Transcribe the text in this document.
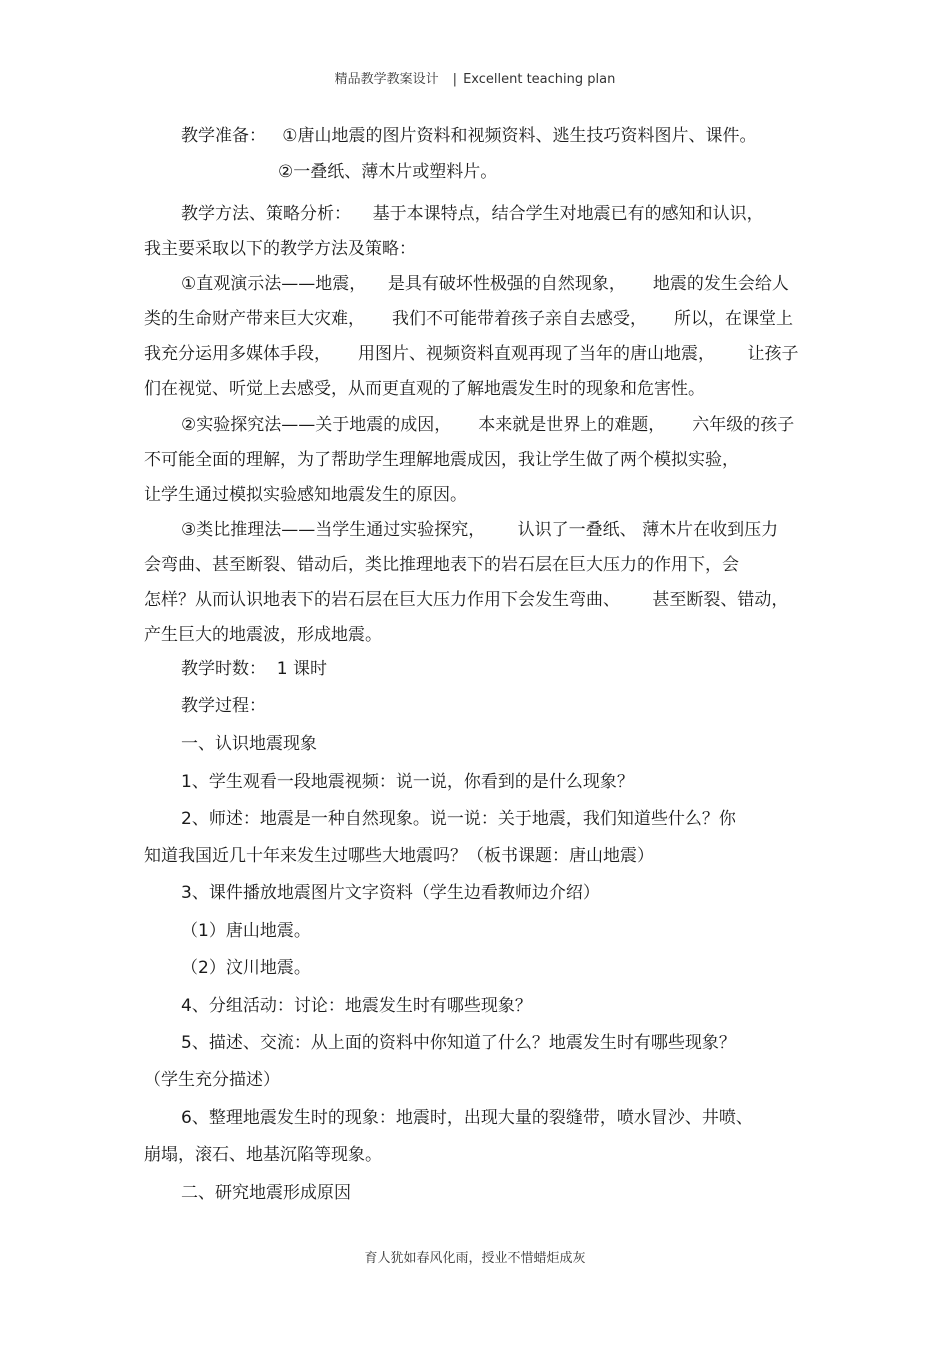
精品教学教案设计 | Excellent teaching plan
教学准备：   ①唐山地震的图片资料和视频资料、逃生技巧资料图片、课件。
②一叠纸、薄木片或塑料片。
教学方法、策略分析：    基于本课特点，结合学生对地震已有的感知和认识，
我主要采取以下的教学方法及策略：
①直观演示法——地震，    是具有破坏性极强的自然现象，     地震的发生会给人
类的生命财产带来巨大灾难，     我们不可能带着孩子亲自去感受，     所以，在课堂上
我充分运用多媒体手段，     用图片、视频资料直观再现了当年的唐山地震，      让孩子
们在视觉、听觉上去感受，从而更直观的了解地震发生时的现象和危害性。
②实验探究法——关于地震的成因，     本来就是世界上的难题，     六年级的孩子
不可能全面的理解，为了帮助学生理解地震成因，我让学生做了两个模拟实验，
让学生通过模拟实验感知地震发生的原因。
③类比推理法——当学生通过实验探究，      认识了一叠纸、 薄木片在收到压力
会弯曲、甚至断裂、错动后，类比推理地表下的岩石层在巨大压力的作用下，会
怎样？从而认识地表下的岩石层在巨大压力作用下会发生弯曲、      甚至断裂、错动，
产生巨大的地震波，形成地震。
教学时数：  1 课时
教学过程：
一、认识地震现象
1、学生观看一段地震视频：说一说，你看到的是什么现象？
2、师述：地震是一种自然现象。说一说：关于地震，我们知道些什么？你
知道我国近几十年来发生过哪些大地震吗？（板书课题：唐山地震）
3、课件播放地震图片文字资料（学生边看教师边介绍）
（1）唐山地震。
（2）汶川地震。
4、分组活动：讨论：地震发生时有哪些现象？
5、描述、交流：从上面的资料中你知道了什么？地震发生时有哪些现象？
（学生充分描述）
6、整理地震发生时的现象：地震时，出现大量的裂缝带，喷水冒沙、井喷、
崩塌，滚石、地基沉陷等现象。
二、研究地震形成原因
育人犹如春风化雨，授业不惜蜡炬成灰
